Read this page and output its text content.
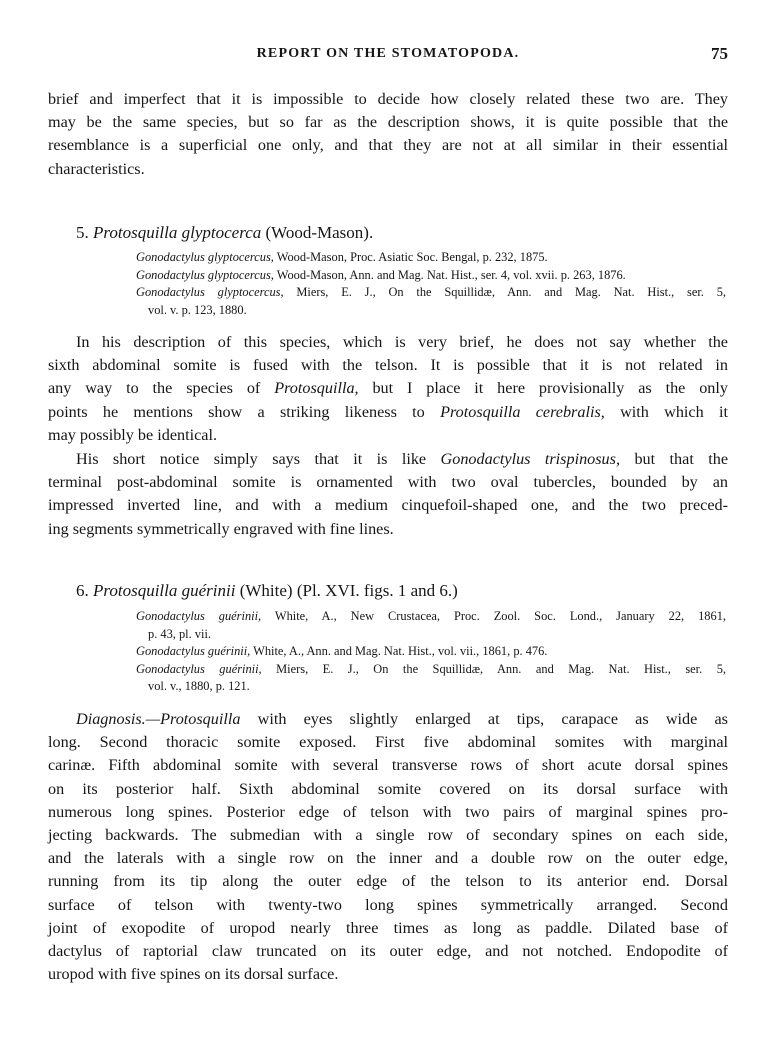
REPORT ON THE STOMATOPODA.	75

brief and imperfect that it is impossible to decide how closely related these two are. They
may be the same species, but so far as the description shows, it is quite possible that the
resemblance is a superficial one only, and that they are not at all similar in their essential
characteristics.

5. Protosquilla glyptocerca (Wood-Mason).
Gonodactylus glyptocercus, Wood-Mason, Proc. Asiatic Soc. Bengal, p. 232, 1875.
Gonodactylus glyptocercus, Wood-Mason, Ann. and Mag. Nat. Hist., ser. 4, vol. xvii. p. 263, 1876.
Gonodactylus glyptocercus, Miers, E. J., On the Squillidæ, Ann. and Mag. Nat. Hist., ser. 5,
vol. v. p. 123, 1880.

In his description of this species, which is very brief, he does not say whether the
sixth abdominal somite is fused with the telson. It is possible that it is not related in
any way to the species of Protosquilla, but I place it here provisionally as the only
points he mentions show a striking likeness to Protosquilla cerebralis, with which it
may possibly be identical.

His short notice simply says that it is like Gonodactylus trispinosus, but that the
terminal post-abdominal somite is ornamented with two oval tubercles, bounded by an
impressed inverted line, and with a medium cinquefoil-shaped one, and the two preced-
ing segments symmetrically engraved with fine lines.

6. Protosquilla guérinii (White) (Pl. XVI. figs. 1 and 6.)
Gonodactylus guérinii, White, A., New Crustacea, Proc. Zool. Soc. Lond., January 22, 1861,
p. 43, pl. vii.
Gonodactylus guérinii, White, A., Ann. and Mag. Nat. Hist., vol. vii., 1861, p. 476.
Gonodactylus guérinii, Miers, E. J., On the Squillidæ, Ann. and Mag. Nat. Hist., ser. 5,
vol. v., 1880, p. 121.

Diagnosis.—Protosquilla with eyes slightly enlarged at tips, carapace as wide as
long. Second thoracic somite exposed. First five abdominal somites with marginal
carinæ. Fifth abdominal somite with several transverse rows of short acute dorsal spines
on its posterior half. Sixth abdominal somite covered on its dorsal surface with
numerous long spines. Posterior edge of telson with two pairs of marginal spines pro-
jecting backwards. The submedian with a single row of secondary spines on each side,
and the laterals with a single row on the inner and a double row on the outer edge,
running from its tip along the outer edge of the telson to its anterior end. Dorsal
surface of telson with twenty-two long spines symmetrically arranged. Second
joint of exopodite of uropod nearly three times as long as paddle. Dilated base of
dactylus of raptorial claw truncated on its outer edge, and not notched. Endopodite of
uropod with five spines on its dorsal surface.
